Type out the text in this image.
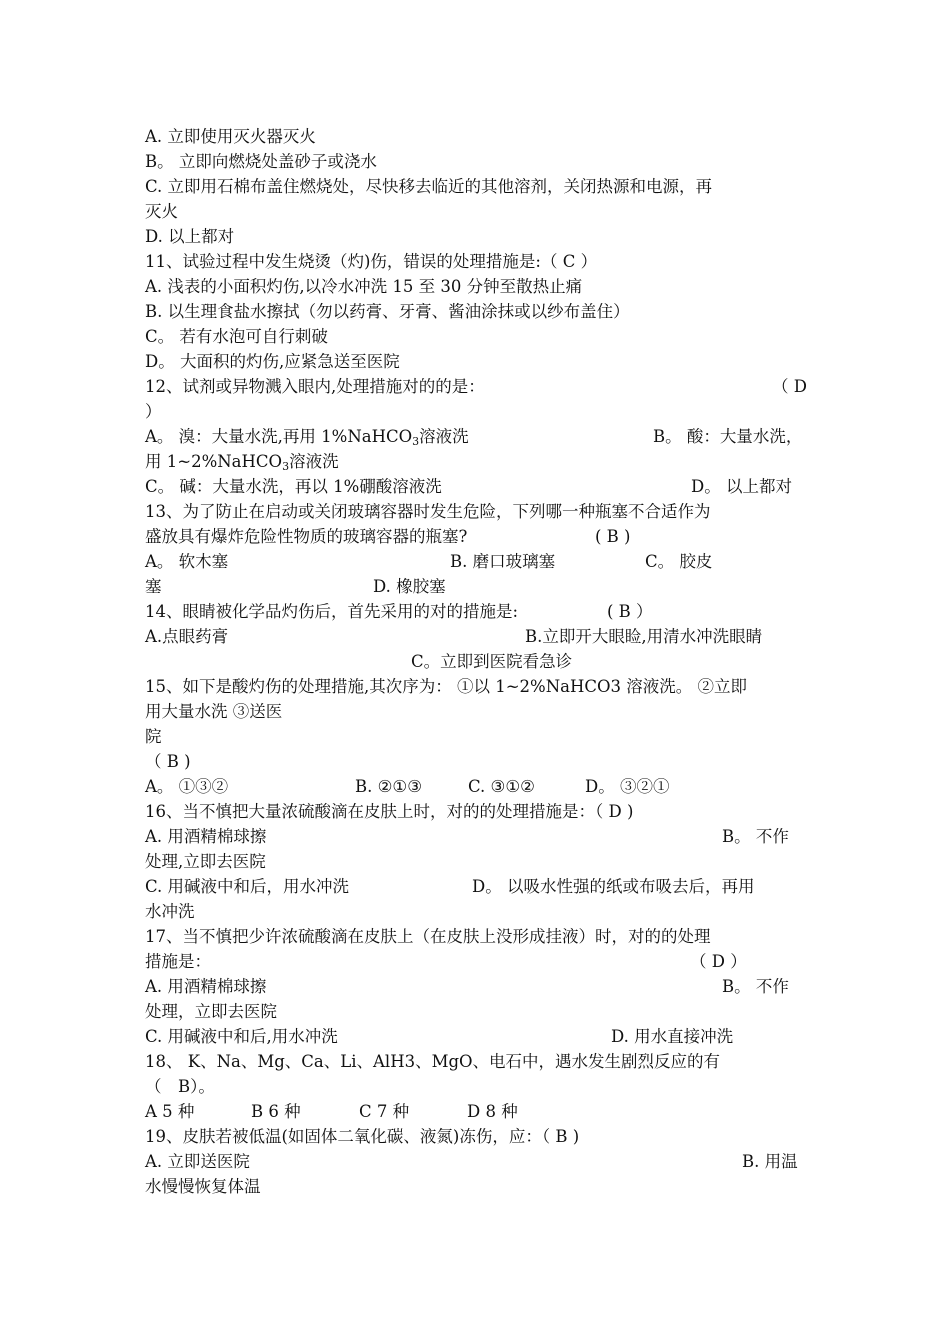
A. 立即使用灭火器灭火
B。 立即向燃烧处盖砂子或浇水
C. 立即用石棉布盖住燃烧处，尽快移去临近的其他溶剂，关闭热源和电源，再
灭火
D. 以上都对
11、试验过程中发生烧烫（灼)伤，错误的处理措施是:（ C ）
A. 浅表的小面积灼伤,以冷水冲洗 15 至 30 分钟至散热止痛
B. 以生理食盐水擦拭（勿以药膏、牙膏、酱油涂抹或以纱布盖住）
C。 若有水泡可自行刺破
D。 大面积的灼伤,应紧急送至医院
12、试剂或异物溅入眼内,处理措施对的的是：	（ D
）
A。 溴：大量水洗,再用 1%NaHCO$_3$溶液洗	B。 酸：大量水洗，
用 1~2%NaHCO$_3$溶液洗
C。 碱：大量水洗，再以 1%硼酸溶液洗	D。 以上都对
13、为了防止在启动或关闭玻璃容器时发生危险，下列哪一种瓶塞不合适作为
盛放具有爆炸危险性物质的玻璃容器的瓶塞?	( B )
A。 软木塞	B. 磨口玻璃塞	C。 胶皮
塞	D. 橡胶塞
14、眼睛被化学品灼伤后，首先采用的对的措施是:	( B ）
A.点眼药膏	B.立即开大眼睑,用清水冲洗眼睛
C。立即到医院看急诊
15、如下是酸灼伤的处理措施,其次序为： ①以 1~2%NaHCO3 溶液洗。 ②立即
用大量水洗 ③送医
院
（ B )
A。 ①③②	B. ②①③	C. ③①②	D。 ③②①
16、当不慎把大量浓硫酸滴在皮肤上时，对的的处理措施是：（ D )
A. 用酒精棉球擦	B。 不作
处理,立即去医院
C. 用碱液中和后，用水冲洗	D。 以吸水性强的纸或布吸去后，再用
水冲洗
17、当不慎把少许浓硫酸滴在皮肤上（在皮肤上没形成挂液）时，对的的处理
措施是：	（ D ）
A. 用酒精棉球擦	B。 不作
处理，立即去医院
C. 用碱液中和后,用水冲洗	D. 用水直接冲洗
18、 K、Na、Mg、Ca、Li、AlH3、MgO、电石中，遇水发生剧烈反应的有
（　B）。
A 5 种	B 6 种	C 7 种	D 8 种
19、皮肤若被低温(如固体二氧化碳、液氮)冻伤，应：（ B )
A. 立即送医院	B. 用温
水慢慢恢复体温
